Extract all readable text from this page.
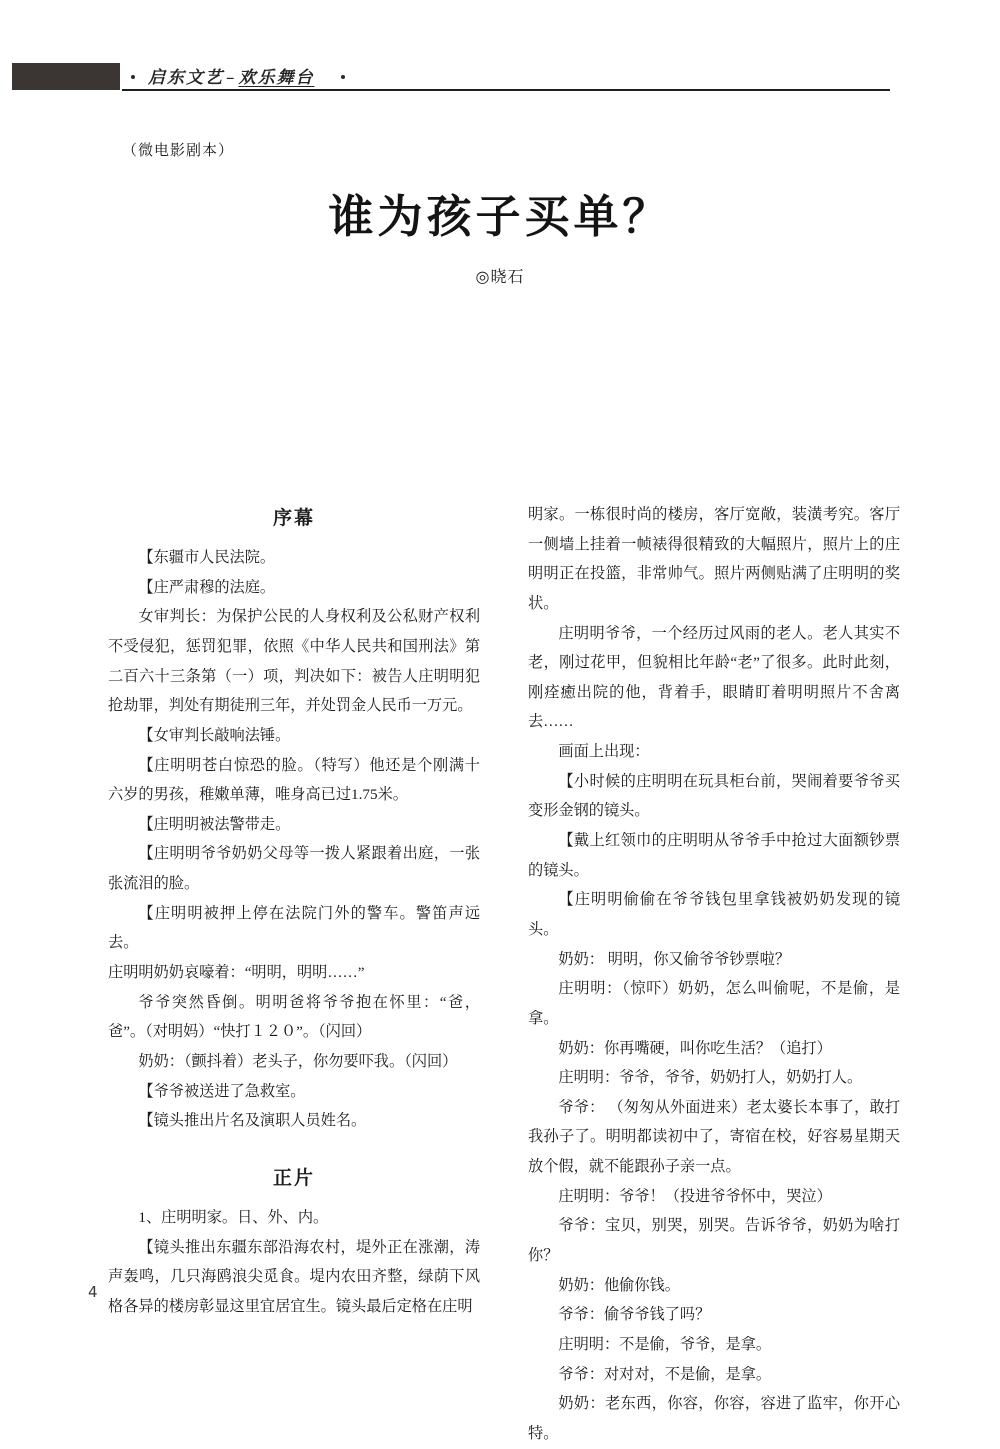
启东文艺 – 欢乐舞台
（微电影剧本）
谁为孩子买单？
◎晓石
序幕

【东疆市人民法院。

【庄严肃穆的法庭。

女审判长：为保护公民的人身权利及公私财产权利不受侵犯，惩罚犯罪，依照《中华人民共和国刑法》第二百六十三条第（一）项，判决如下：被告人庄明明犯抢劫罪，判处有期徒刑三年，并处罚金人民币一万元。

【女审判长敲响法锤。

【庄明明苍白惊恐的脸。（特写）他还是个刚满十六岁的男孩，稚嫩单薄，唯身高已过1.75米。

【庄明明被法警带走。

【庄明明爷爷奶奶父母等一拨人紧跟着出庭，一张张流泪的脸。

【庄明明被押上停在法院门外的警车。警笛声远去。

庄明明奶奶哀嚎着：“明明，明明……”

爷爷突然昏倒。明明爸将爷爷抱在怀里：“爸，爸”。（对明妈）“快打１２０”。（闪回）

奶奶：（颤抖着）老头子，你勿要吓我。（闪回）

【爷爷被送进了急救室。

【镜头推出片名及演职人员姓名。

正片

1、庄明明家。日、外、内。

【镜头推出东疆东部沿海农村，堤外正在涨潮，涛声轰鸣，几只海鸥浪尖觅食。堤内农田齐整，绿荫下风格各异的楼房彰显这里宜居宜生。镜头最后定格在庄明

明家。一栋很时尚的楼房，客厅宽敞，装潢考究。客厅一侧墙上挂着一帧裱得很精致的大幅照片，照片上的庄明明正在投篮，非常帅气。照片两侧贴满了庄明明的奖状。

庄明明爷爷，一个经历过风雨的老人。老人其实不老，刚过花甲，但貌相比年龄“老”了很多。此时此刻，刚痊癒出院的他，背着手，眼睛盯着明明照片不舍离去……

画面上出现：

【小时候的庄明明在玩具柜台前，哭闹着要爷爷买变形金钢的镜头。

【戴上红领巾的庄明明从爷爷手中抢过大面额钞票的镜头。

【庄明明偷偷在爷爷钱包里拿钱被奶奶发现的镜头。

奶奶： 明明，你又偷爷爷钞票啦？

庄明明：（惊吓）奶奶，怎么叫偷呢，不是偷，是拿。

奶奶：你再嘴硬，叫你吃生活？（追打）

庄明明：爷爷，爷爷，奶奶打人，奶奶打人。

爷爷： （匆匆从外面进来）老太婆长本事了，敢打我孙子了。明明都读初中了，寄宿在校，好容易星期天放个假，就不能跟孙子亲一点。

庄明明：爷爷！（投进爷爷怀中，哭泣）

爷爷：宝贝，别哭，别哭。告诉爷爷，奶奶为啥打你？

奶奶：他偷你钱。

爷爷：偷爷爷钱了吗？

庄明明：不是偷，爷爷，是拿。

爷爷：对对对，不是偷，是拿。

奶奶：老东西，你容，你容，容进了监牢，你开心特。

4
